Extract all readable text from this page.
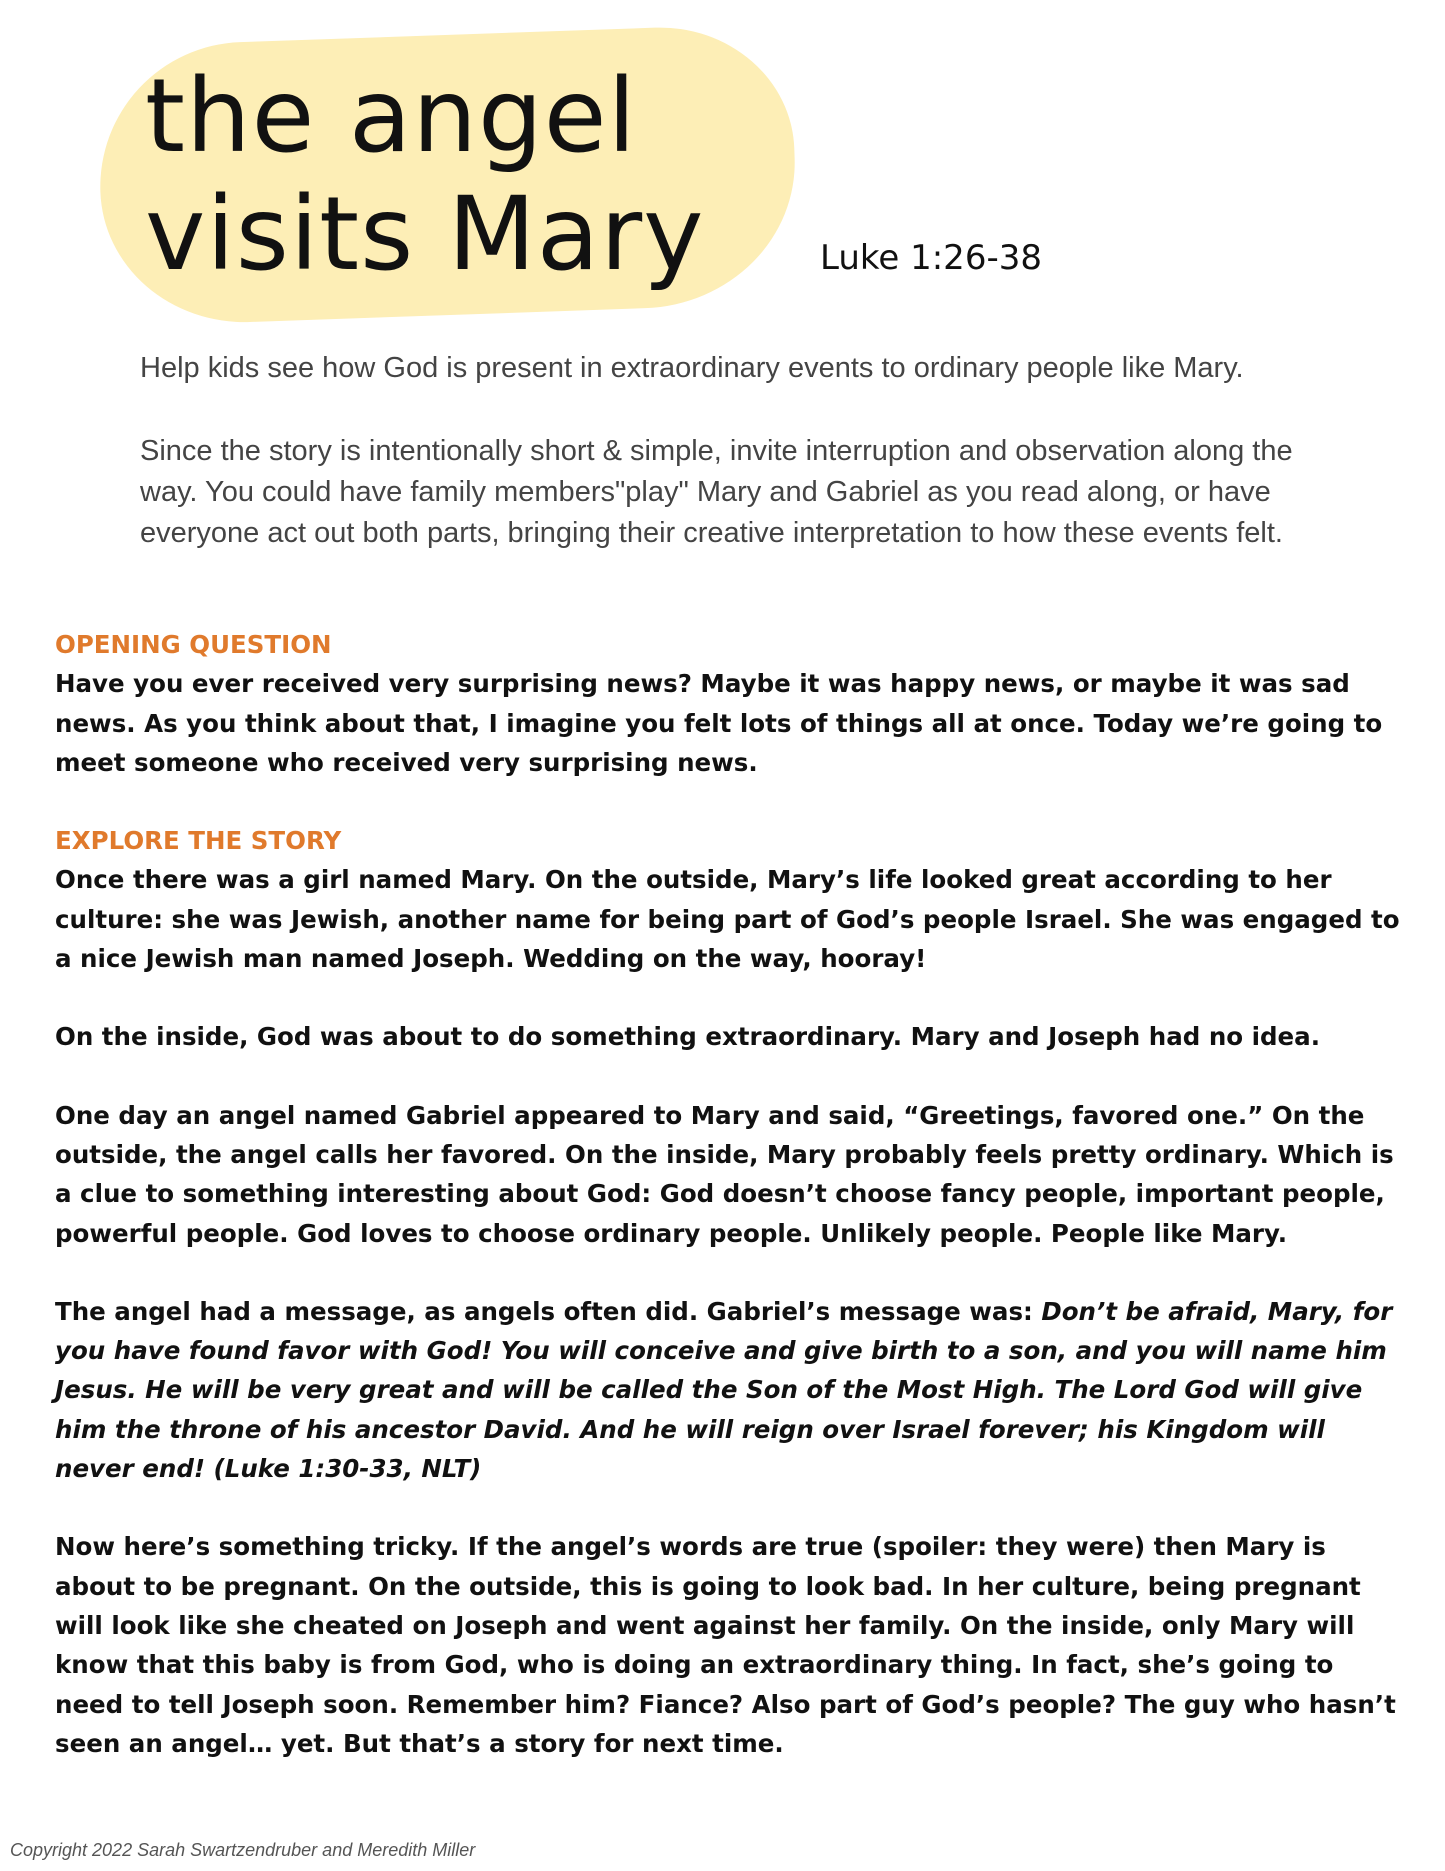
the angel
visits Mary	Luke 1:26-38

Help kids see how God is present in extraordinary events to ordinary people like Mary.

Since the story is intentionally short & simple, invite interruption and observation along the way. You could have family members"play" Mary and Gabriel as you read along, or have everyone act out both parts, bringing their creative interpretation to how these events felt.

OPENING QUESTION

Have you ever received very surprising news? Maybe it was happy news, or maybe it was sad news. As you think about that, I imagine you felt lots of things all at once. Today we’re going to meet someone who received very surprising news.

EXPLORE THE STORY

Once there was a girl named Mary. On the outside, Mary’s life looked great according to her culture: she was Jewish, another name for being part of God’s people Israel. She was engaged to a nice Jewish man named Joseph. Wedding on the way, hooray!

On the inside, God was about to do something extraordinary. Mary and Joseph had no idea.

One day an angel named Gabriel appeared to Mary and said, “Greetings, favored one.” On the outside, the angel calls her favored. On the inside, Mary probably feels pretty ordinary. Which is a clue to something interesting about God: God doesn’t choose fancy people, important people, powerful people. God loves to choose ordinary people. Unlikely people. People like Mary.

The angel had a message, as angels often did. Gabriel’s message was: Don’t be afraid, Mary, for you have found favor with God! You will conceive and give birth to a son, and you will name him Jesus. He will be very great and will be called the Son of the Most High. The Lord God will give him the throne of his ancestor David. And he will reign over Israel forever; his Kingdom will never end! (Luke 1:30-33, NLT)

Now here’s something tricky. If the angel’s words are true (spoiler: they were) then Mary is about to be pregnant. On the outside, this is going to look bad. In her culture, being pregnant will look like she cheated on Joseph and went against her family. On the inside, only Mary will know that this baby is from God, who is doing an extraordinary thing. In fact, she’s going to need to tell Joseph soon. Remember him? Fiance? Also part of God’s people? The guy who hasn’t seen an angel… yet. But that’s a story for next time.

Copyright 2022 Sarah Swartzendruber and Meredith Miller
